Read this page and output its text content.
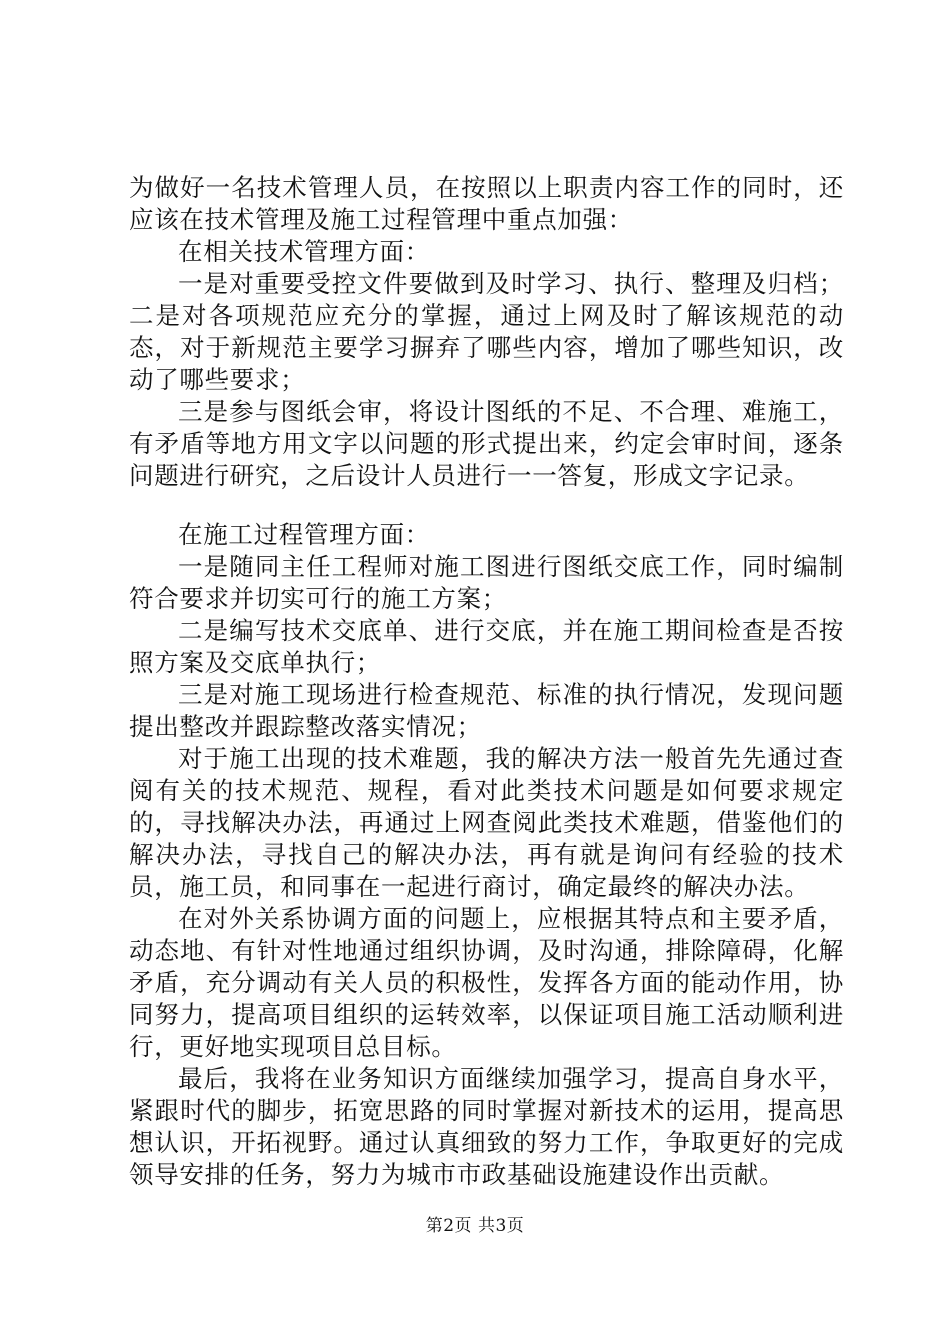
为做好一名技术管理人员，在按照以上职责内容工作的同时，还应该在技术管理及施工过程管理中重点加强：

在相关技术管理方面：

一是对重要受控文件要做到及时学习、执行、整理及归档；二是对各项规范应充分的掌握，通过上网及时了解该规范的动态，对于新规范主要学习摒弃了哪些内容，增加了哪些知识，改动了哪些要求；

三是参与图纸会审，将设计图纸的不足、不合理、难施工，有矛盾等地方用文字以问题的形式提出来，约定会审时间，逐条问题进行研究，之后设计人员进行一一答复，形成文字记录。

在施工过程管理方面：

一是随同主任工程师对施工图进行图纸交底工作，同时编制符合要求并切实可行的施工方案；

二是编写技术交底单、进行交底，并在施工期间检查是否按照方案及交底单执行；

三是对施工现场进行检查规范、标准的执行情况，发现问题提出整改并跟踪整改落实情况；

对于施工出现的技术难题，我的解决方法一般首先先通过查阅有关的技术规范、规程，看对此类技术问题是如何要求规定的，寻找解决办法，再通过上网查阅此类技术难题，借鉴他们的解决办法，寻找自己的解决办法，再有就是询问有经验的技术员，施工员，和同事在一起进行商讨，确定最终的解决办法。

在对外关系协调方面的问题上，应根据其特点和主要矛盾，动态地、有针对性地通过组织协调，及时沟通，排除障碍，化解矛盾，充分调动有关人员的积极性，发挥各方面的能动作用，协同努力，提高项目组织的运转效率，以保证项目施工活动顺利进行，更好地实现项目总目标。

最后，我将在业务知识方面继续加强学习，提高自身水平，紧跟时代的脚步，拓宽思路的同时掌握对新技术的运用，提高思想认识，开拓视野。通过认真细致的努力工作，争取更好的完成领导安排的任务，努力为城市市政基础设施建设作出贡献。

第2页 共3页
